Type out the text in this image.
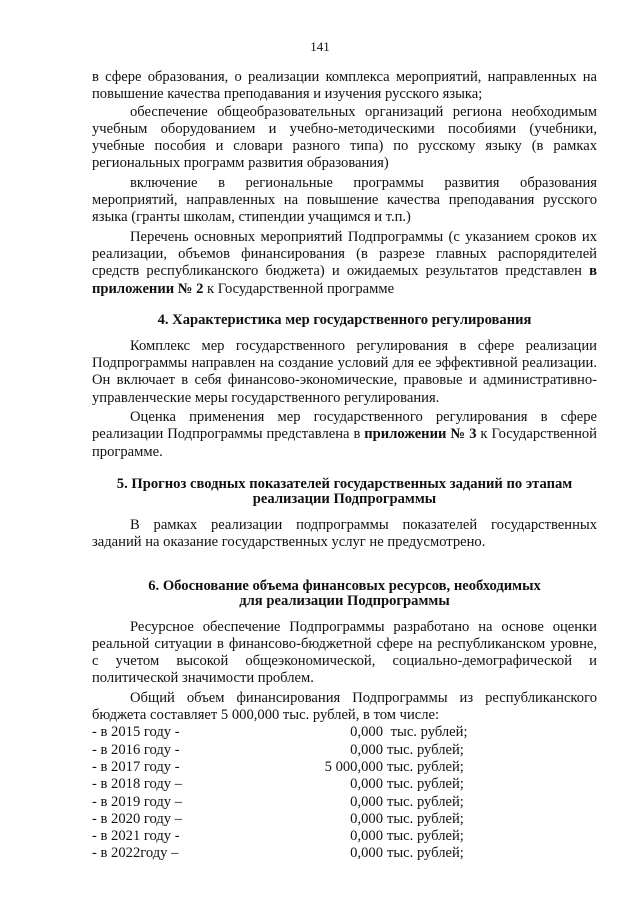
141

в сфере образования, о реализации комплекса мероприятий, направленных на повышение качества преподавания и изучения русского языка;

обеспечение общеобразовательных организаций региона необходимым учебным оборудованием и учебно-методическими пособиями (учебники, учебные пособия и словари разного типа) по русскому языку (в рамках региональных программ развития образования)

включение в региональные программы развития образования мероприятий, направленных на повышение качества преподавания русского языка (гранты школам, стипендии учащимся и т.п.)

Перечень основных мероприятий Подпрограммы (с указанием сроков их реализации, объемов финансирования (в разрезе главных распорядителей средств республиканского бюджета) и ожидаемых результатов представлен в приложении № 2 к Государственной программе

4. Характеристика мер государственного регулирования

Комплекс мер государственного регулирования в сфере реализации Подпрограммы направлен на создание условий для ее эффективной реализации. Он включает в себя финансово-экономические, правовые и административно-управленческие меры государственного регулирования.

Оценка применения мер государственного регулирования в сфере реализации Подпрограммы представлена в приложении № 3 к Государственной программе.

5. Прогноз сводных показателей государственных заданий по этапам
реализации Подпрограммы

В рамках реализации подпрограммы показателей государственных заданий на оказание государственных услуг не предусмотрено.

6. Обоснование объема финансовых ресурсов, необходимых
для реализации Подпрограммы

Ресурсное обеспечение Подпрограммы разработано на основе оценки реальной ситуации в финансово-бюджетной сфере на республиканском уровне, с учетом высокой общеэкономической, социально-демографической и политической значимости проблем.

Общий объем финансирования Подпрограммы из республиканского бюджета составляет 5 000,000 тыс. рублей, в том числе:

- в 2015 году -	0,000 тыс. рублей;
- в 2016 году -	0,000 тыс. рублей;
- в 2017 году -	5 000,000 тыс. рублей;
- в 2018 году –	0,000 тыс. рублей;
- в 2019 году –	0,000 тыс. рублей;
- в 2020 году –	0,000 тыс. рублей;
- в 2021 году -	0,000 тыс. рублей;
- в 2022году –	0,000 тыс. рублей;
